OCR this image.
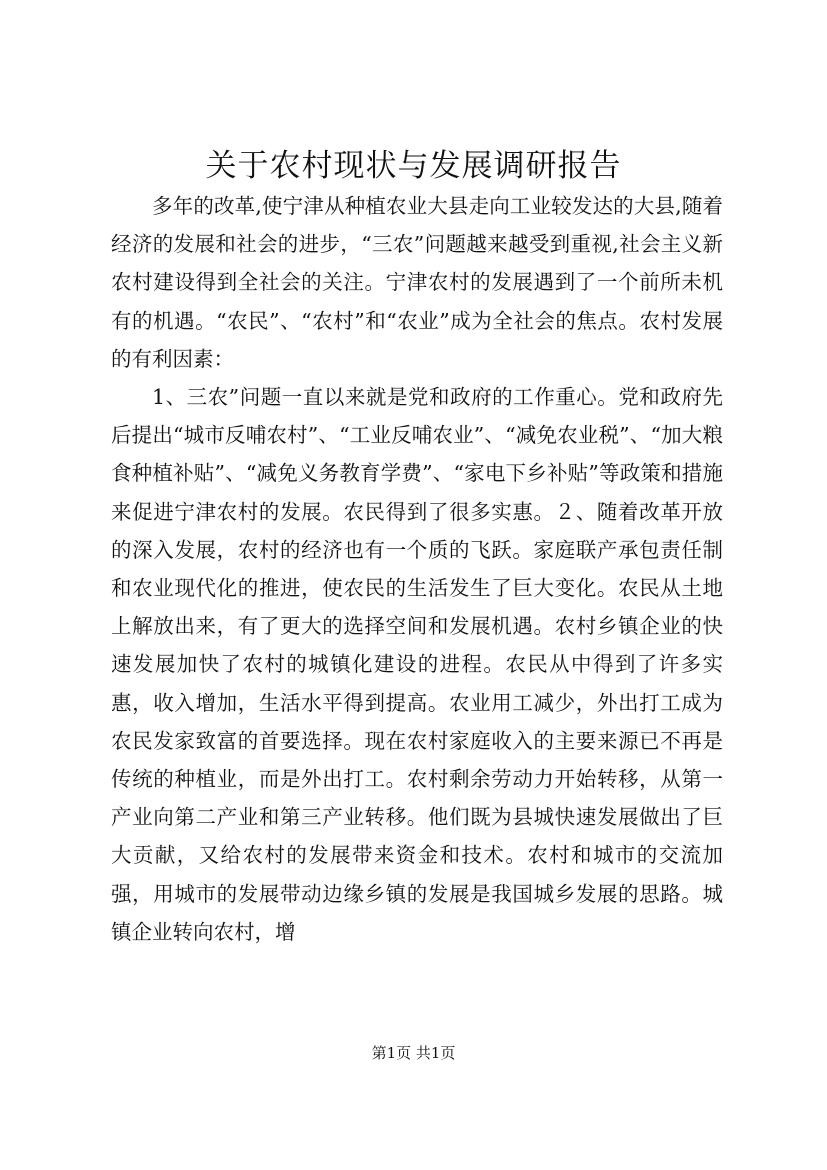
关于农村现状与发展调研报告

多年的改革,使宁津从种植农业大县走向工业较发达的大县,随着经济的发展和社会的进步，“三农”问题越来越受到重视,社会主义新农村建设得到全社会的关注。宁津农村的发展遇到了一个前所未机有的机遇。“农民”、“农村”和“农业”成为全社会的焦点。农村发展的有利因素：

1、三农”问题一直以来就是党和政府的工作重心。党和政府先后提出“城市反哺农村”、“工业反哺农业”、“减免农业税”、“加大粮食种植补贴”、“减免义务教育学费”、“家电下乡补贴”等政策和措施来促进宁津农村的发展。农民得到了很多实惠。２、随着改革开放的深入发展，农村的经济也有一个质的飞跃。家庭联产承包责任制和农业现代化的推进，使农民的生活发生了巨大变化。农民从土地上解放出来，有了更大的选择空间和发展机遇。农村乡镇企业的快速发展加快了农村的城镇化建设的进程。农民从中得到了许多实惠，收入增加，生活水平得到提高。农业用工减少，外出打工成为农民发家致富的首要选择。现在农村家庭收入的主要来源已不再是传统的种植业，而是外出打工。农村剩余劳动力开始转移，从第一产业向第二产业和第三产业转移。他们既为县城快速发展做出了巨大贡献，又给农村的发展带来资金和技术。农村和城市的交流加强，用城市的发展带动边缘乡镇的发展是我国城乡发展的思路。城镇企业转向农村，增

第1页 共1页
